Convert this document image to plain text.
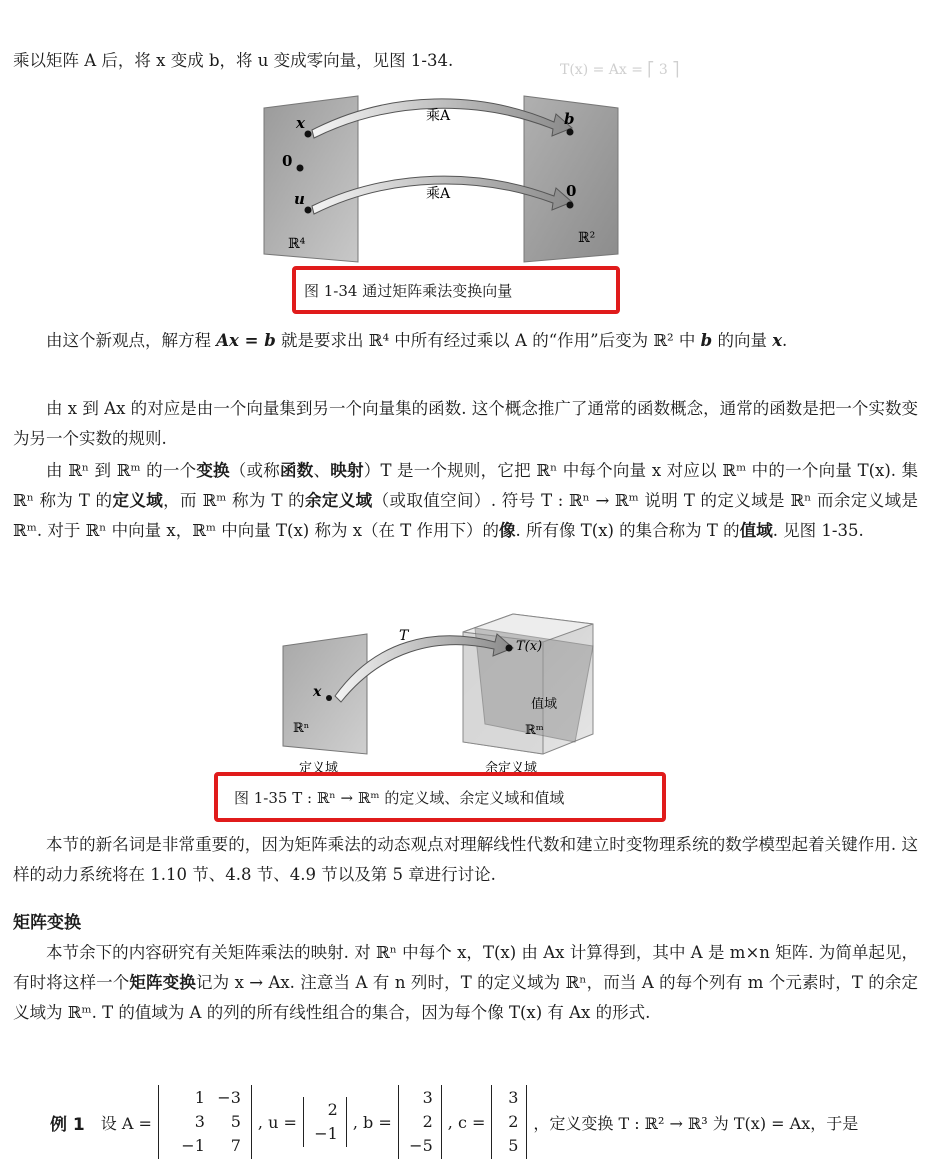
T(x) = Ax = ⎡ 3 ⎤
乘以矩阵 A 后，将 x 变成 b，将 u 变成零向量，见图 1-34.
x
0
u
b
0
乘A
乘A
ℝ⁴	ℝ²
图 1-34 通过矩阵乘法变换向量
由这个新观点，解方程 Ax = b 就是要求出 ℝ⁴ 中所有经过乘以 A 的“作用”后变为 ℝ² 中 b 的向量 x.
由 x 到 Ax 的对应是由一个向量集到另一个向量集的函数. 这个概念推广了通常的函数概念，通常的函数是把一个实数变为另一个实数的规则.
由 ℝⁿ 到 ℝᵐ 的一个变换（或称函数、映射）T 是一个规则，它把 ℝⁿ 中每个向量 x 对应以 ℝᵐ 中的一个向量 T(x). 集 ℝⁿ 称为 T 的定义域，而 ℝᵐ 称为 T 的余定义域（或取值空间）. 符号 T : ℝⁿ → ℝᵐ 说明 T 的定义域是 ℝⁿ 而余定义域是 ℝᵐ. 对于 ℝⁿ 中向量 x，ℝᵐ 中向量 T(x) 称为 x（在 T 作用下）的像. 所有像 T(x) 的集合称为 T 的值域. 见图 1-35.
T
x
T(x)
值域
ℝⁿ	ℝᵐ
定义域	余定义域
图 1-35 T : ℝⁿ → ℝᵐ 的定义域、余定义域和值域
本节的新名词是非常重要的，因为矩阵乘法的动态观点对理解线性代数和建立时变物理系统的数学模型起着关键作用. 这样的动力系统将在 1.10 节、4.8 节、4.9 节以及第 5 章进行讨论.
矩阵变换
本节余下的内容研究有关矩阵乘法的映射. 对 ℝⁿ 中每个 x，T(x) 由 Ax 计算得到，其中 A 是 m×n 矩阵. 为简单起见，有时将这样一个矩阵变换记为 x → Ax. 注意当 A 有 n 列时，T 的定义域为 ℝⁿ，而当 A 的每个列有 m 个元素时，T 的余定义域为 ℝᵐ. T 的值域为 A 的列的所有线性组合的集合，因为每个像 T(x) 有 Ax 的形式.
例 1 设 A =
1 −3
3	5
−1	7
, u =
2
−1
, b =
3
2
−5
, c =
3
2
5
，定义变换 T : ℝ² → ℝ³ 为 T(x) = Ax，于是
